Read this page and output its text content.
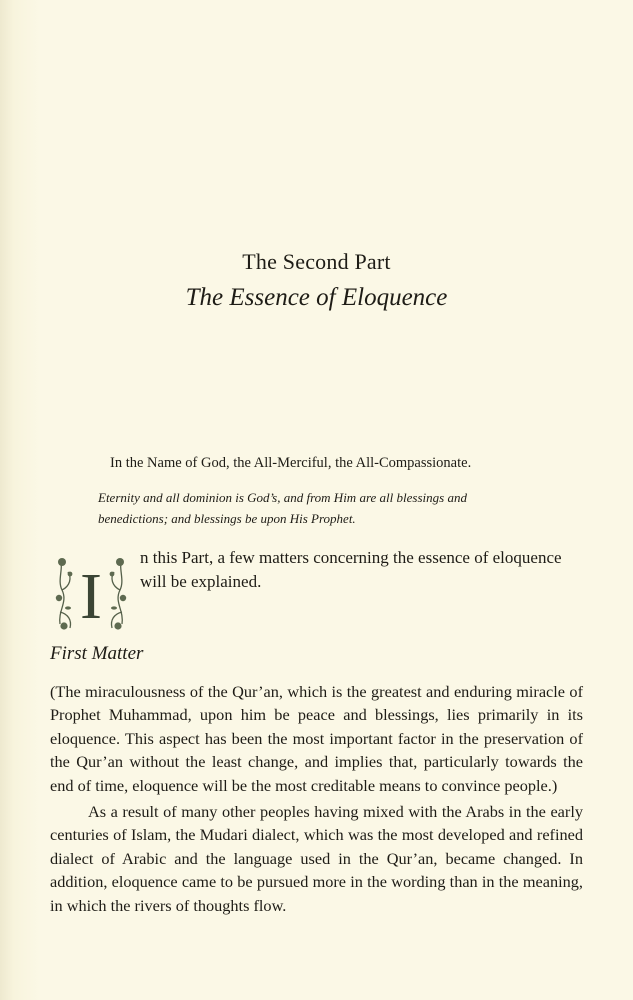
The Second Part
The Essence of Eloquence
In the Name of God, the All-Merciful, the All-Compassionate.
Eternity and all dominion is God’s, and from Him are all blessings and benedictions; and blessings be upon His Prophet.
I
n this Part, a few matters concerning the essence of eloquence will be explained.
First Matter

(The miraculousness of the Qur’an, which is the greatest and enduring miracle of Prophet Muhammad, upon him be peace and blessings, lies primarily in its eloquence. This aspect has been the most important factor in the preservation of the Qur’an without the least change, and implies that, particularly towards the end of time, eloquence will be the most creditable means to convince people.)

As a result of many other peoples having mixed with the Arabs in the early centuries of Islam, the Mudari dialect, which was the most developed and refined dialect of Arabic and the language used in the Qur’an, became changed. In addition, eloquence came to be pursued more in the wording than in the meaning, in which the rivers of thoughts flow.
